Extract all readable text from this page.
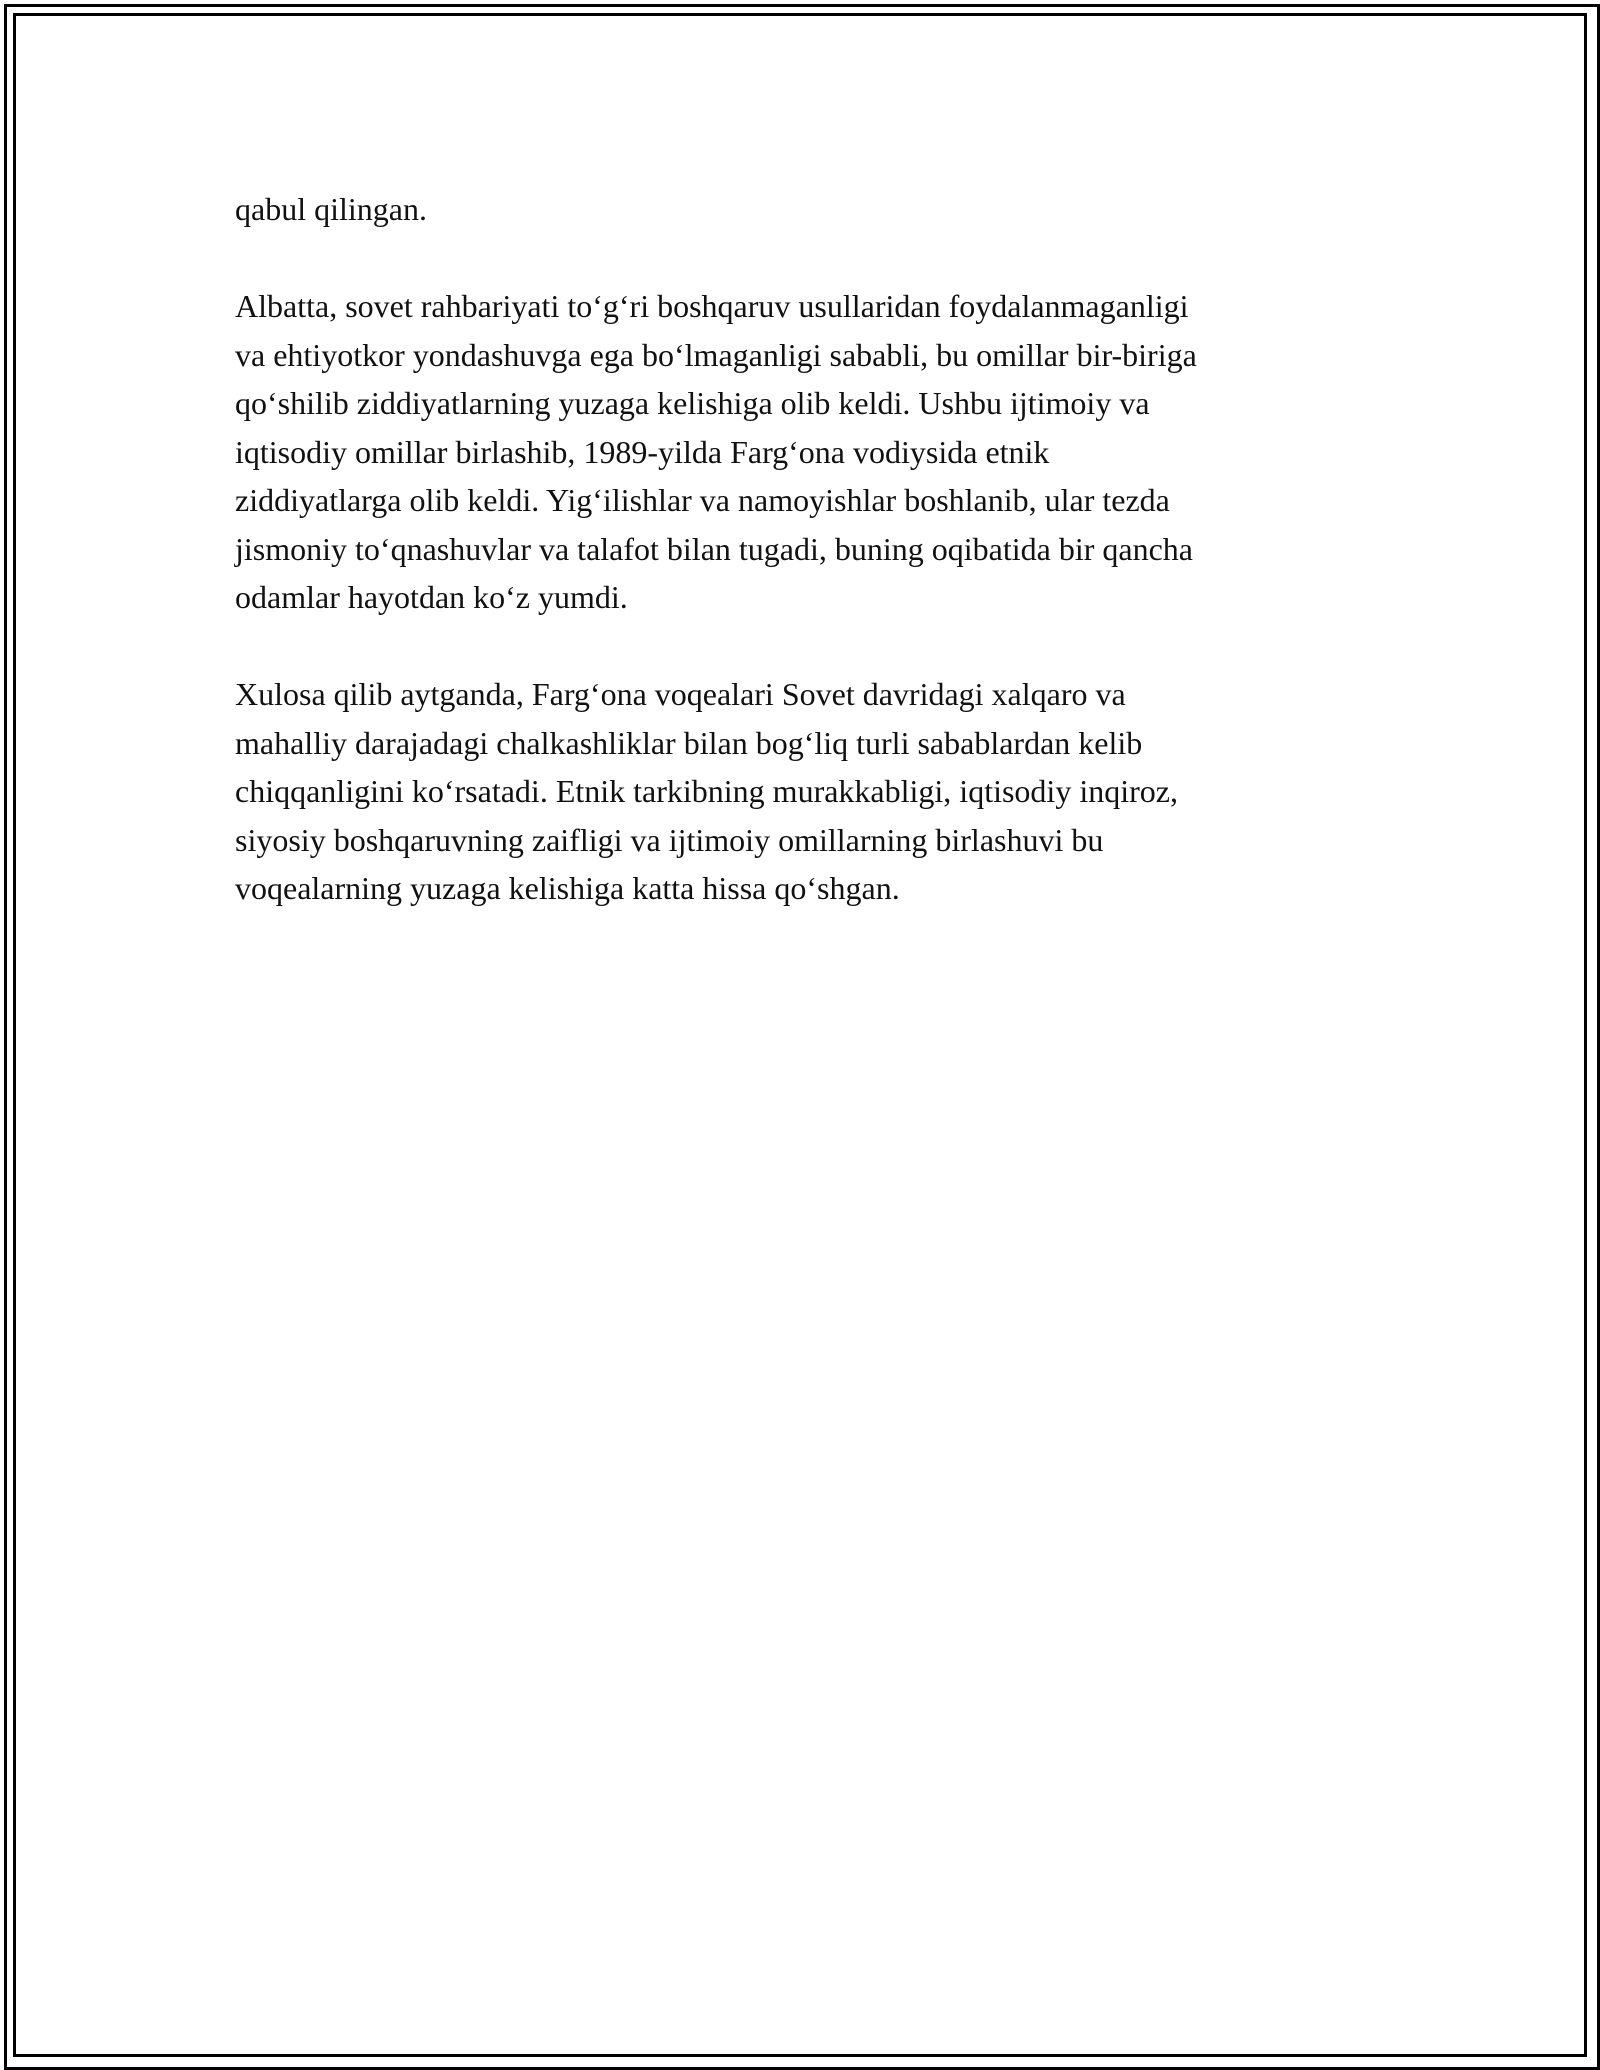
qabul qilingan.

Albatta, sovet rahbariyati to‘g‘ri boshqaruv usullaridan foydalanmaganligi
va ehtiyotkor yondashuvga ega bo‘lmaganligi sababli, bu omillar bir-biriga
qo‘shilib ziddiyatlarning yuzaga kelishiga olib keldi. Ushbu ijtimoiy va
iqtisodiy omillar birlashib, 1989-yilda Farg‘ona vodiysida etnik
ziddiyatlarga olib keldi. Yig‘ilishlar va namoyishlar boshlanib, ular tezda
jismoniy to‘qnashuvlar va talafot bilan tugadi, buning oqibatida bir qancha
odamlar hayotdan ko‘z yumdi.

Xulosa qilib aytganda, Farg‘ona voqealari Sovet davridagi xalqaro va
mahalliy darajadagi chalkashliklar bilan bog‘liq turli sabablardan kelib
chiqqanligini ko‘rsatadi. Etnik tarkibning murakkabligi, iqtisodiy inqiroz,
siyosiy boshqaruvning zaifligi va ijtimoiy omillarning birlashuvi bu
voqealarning yuzaga kelishiga katta hissa qo‘shgan.
